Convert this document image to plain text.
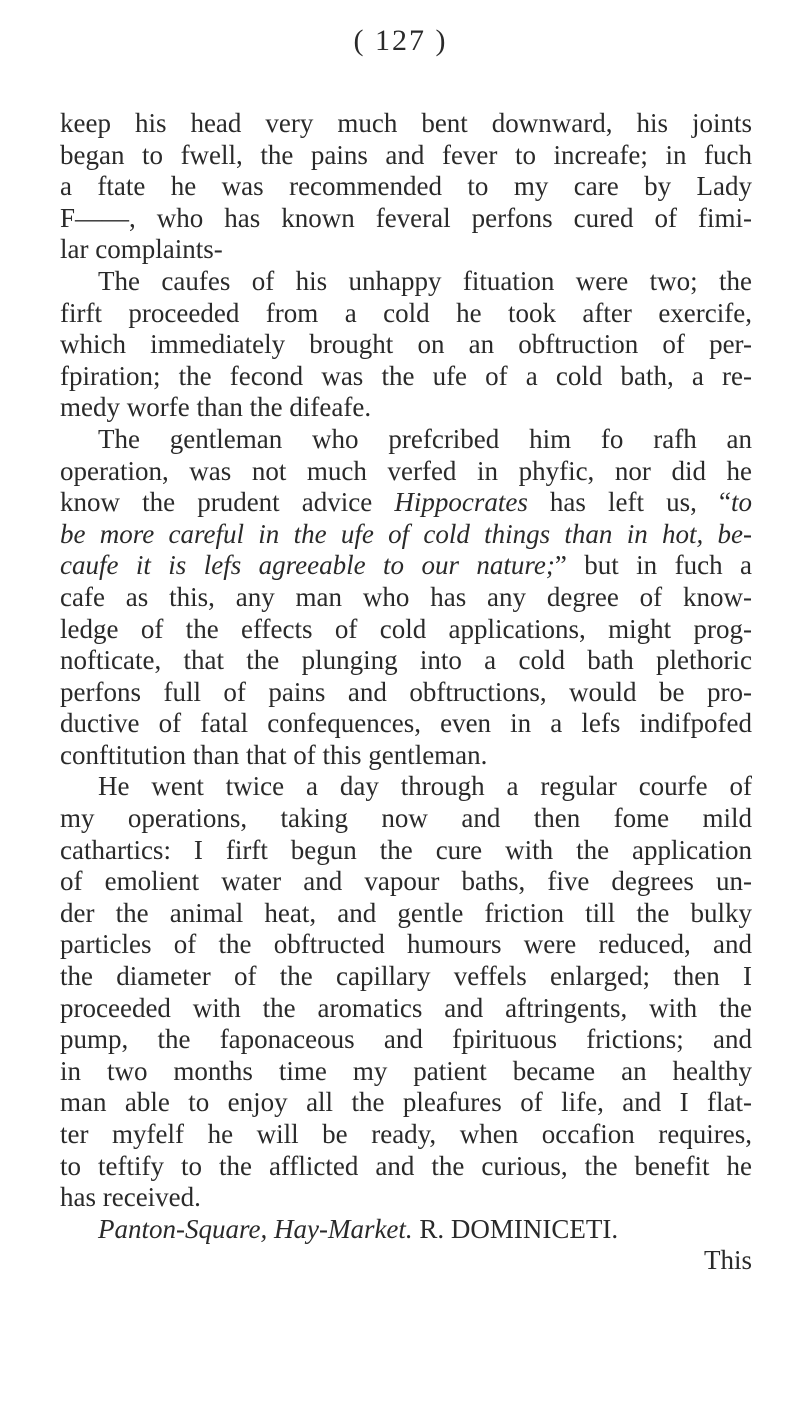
( 127 )
keep his head very much bent downward, his joints
began to fwell, the pains and fever to increafe; in fuch
a ftate he was recommended to my care by Lady
F——, who has known feveral perfons cured of fimi-
lar complaints-
The caufes of his unhappy fituation were two; the
firft proceeded from a cold he took after exercife,
which immediately brought on an obftruction of per-
fpiration; the fecond was the ufe of a cold bath, a re-
medy worfe than the difeafe.
The gentleman who prefcribed him fo rafh an
operation, was not much verfed in phyfic, nor did he
know the prudent advice Hippocrates has left us, “to
be more careful in the ufe of cold things than in hot, be-
caufe it is lefs agreeable to our nature;” but in fuch a
cafe as this, any man who has any degree of know-
ledge of the effects of cold applications, might prog-
nofticate, that the plunging into a cold bath plethoric
perfons full of pains and obftructions, would be pro-
ductive of fatal confequences, even in a lefs indifpofed
conftitution than that of this gentleman.
He went twice a day through a regular courfe of
my operations, taking now and then fome mild
cathartics: I firft begun the cure with the application
of emolient water and vapour baths, five degrees un-
der the animal heat, and gentle friction till the bulky
particles of the obftructed humours were reduced, and
the diameter of the capillary veffels enlarged; then I
proceeded with the aromatics and aftringents, with the
pump, the faponaceous and fpirituous frictions; and
in two months time my patient became an healthy
man able to enjoy all the pleafures of life, and I flat-
ter myfelf he will be ready, when occafion requires,
to teftify to the afflicted and the curious, the benefit he
has received.
Panton-Square, Hay-Market. R. DOMINICETI.
This
